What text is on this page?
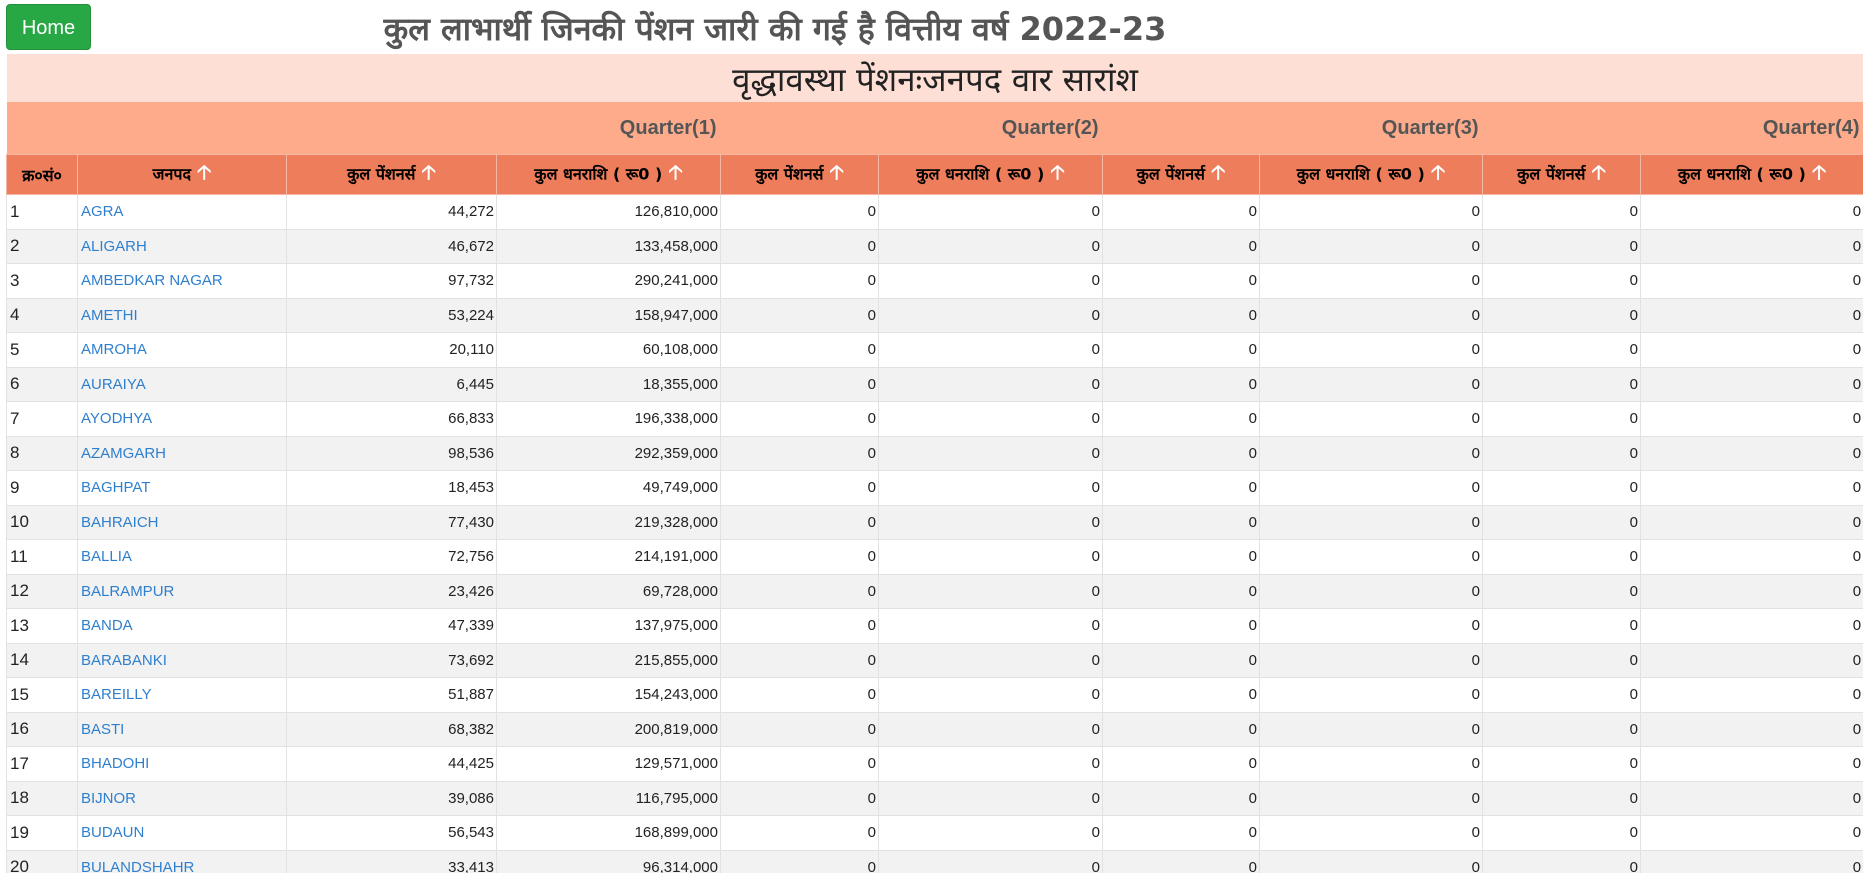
Home	कुल लाभार्थी जिनकी पेंशन जारी की गई है वित्तीय वर्ष 2022-23
वृद्धावस्था पेंशनःजनपद वार सारांश									
Quarter(1)				Quarter(2)		Quarter(3)		Quarter(4)	
क्र०सं०	जनपद 🡡	कुल पेंशनर्स 🡡	कुल धनराशि ( रू0 ) 🡡	कुल पेंशनर्स 🡡	कुल धनराशि ( रू0 ) 🡡	कुल पेंशनर्स 🡡	कुल धनराशि ( रू0 ) 🡡	कुल पेंशनर्स 🡡	कुल धनराशि ( रू0 ) 🡡
1	AGRA	44,272	126,810,000	0	0	0	0	0	0
2	ALIGARH	46,672	133,458,000	0	0	0	0	0	0
3	AMBEDKAR NAGAR	97,732	290,241,000	0	0	0	0	0	0
4	AMETHI	53,224	158,947,000	0	0	0	0	0	0
5	AMROHA	20,110	60,108,000	0	0	0	0	0	0
6	AURAIYA	6,445	18,355,000	0	0	0	0	0	0
7	AYODHYA	66,833	196,338,000	0	0	0	0	0	0
8	AZAMGARH	98,536	292,359,000	0	0	0	0	0	0
9	BAGHPAT	18,453	49,749,000	0	0	0	0	0	0
10	BAHRAICH	77,430	219,328,000	0	0	0	0	0	0
11	BALLIA	72,756	214,191,000	0	0	0	0	0	0
12	BALRAMPUR	23,426	69,728,000	0	0	0	0	0	0
13	BANDA	47,339	137,975,000	0	0	0	0	0	0
14	BARABANKI	73,692	215,855,000	0	0	0	0	0	0
15	BAREILLY	51,887	154,243,000	0	0	0	0	0	0
16	BASTI	68,382	200,819,000	0	0	0	0	0	0
17	BHADOHI	44,425	129,571,000	0	0	0	0	0	0
18	BIJNOR	39,086	116,795,000	0	0	0	0	0	0
19	BUDAUN	56,543	168,899,000	0	0	0	0	0	0
20	BULANDSHAHR	33,413	96,314,000	0	0	0	0	0	0
